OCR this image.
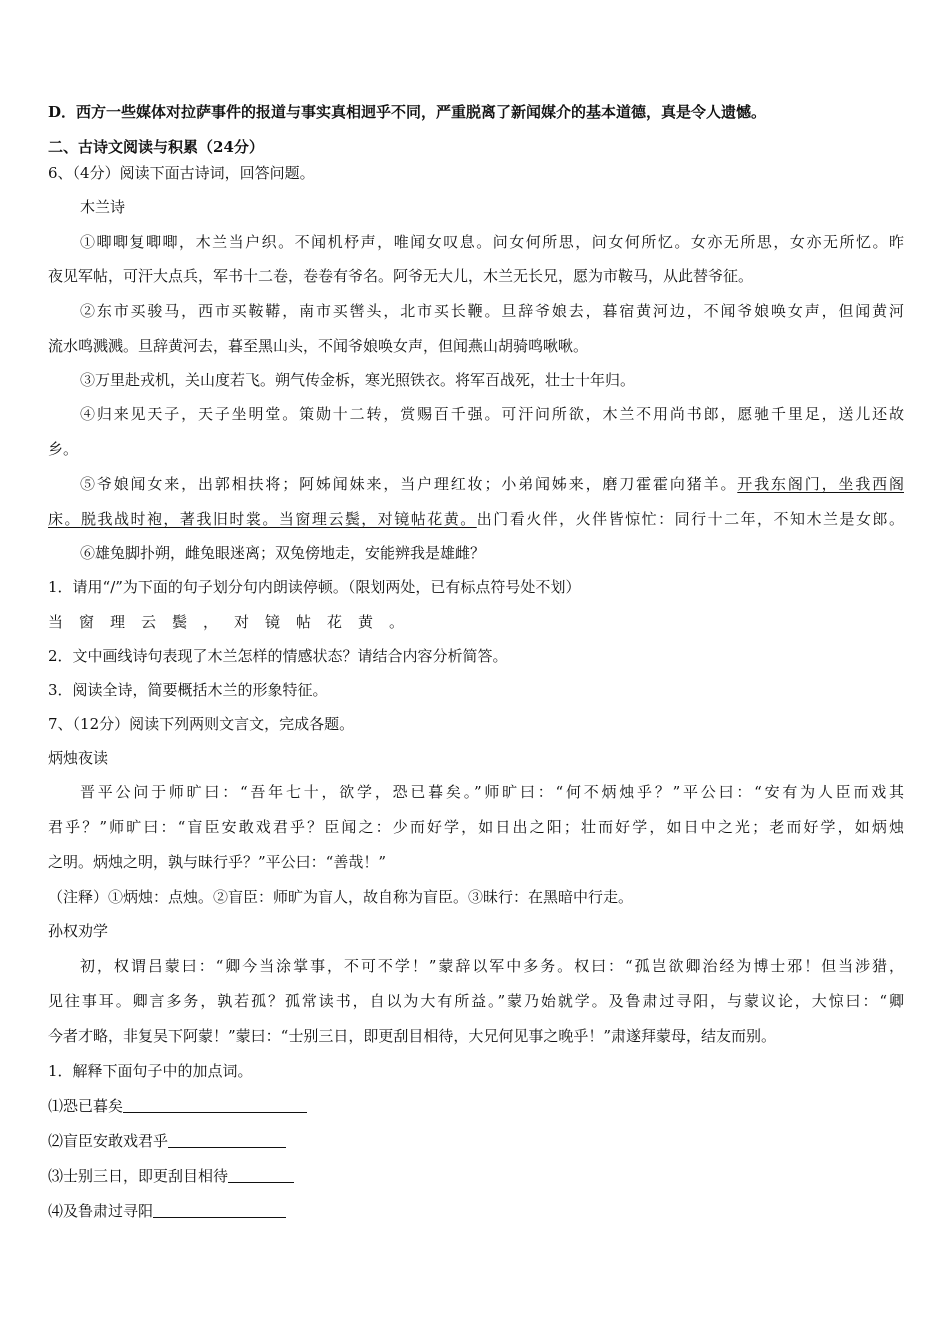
D．西方一些媒体对拉萨事件的报道与事实真相迥乎不同，严重脱离了新闻媒介的基本道德，真是令人遗憾。
二、古诗文阅读与积累（24分）
6、（4分）阅读下面古诗词，回答问题。
木兰诗
①唧唧复唧唧，木兰当户织。不闻机杼声，唯闻女叹息。问女何所思，问女何所忆。女亦无所思，女亦无所忆。昨
夜见军帖，可汗大点兵，军书十二卷，卷卷有爷名。阿爷无大儿，木兰无长兄，愿为市鞍马，从此替爷征。
②东市买骏马，西市买鞍鞯，南市买辔头，北市买长鞭。旦辞爷娘去，暮宿黄河边，不闻爷娘唤女声，但闻黄河
流水鸣溅溅。旦辞黄河去，暮至黑山头，不闻爷娘唤女声，但闻燕山胡骑鸣啾啾。
③万里赴戎机，关山度若飞。朔气传金柝，寒光照铁衣。将军百战死，壮士十年归。
④归来见天子，天子坐明堂。策勋十二转，赏赐百千强。可汗问所欲，木兰不用尚书郎，愿驰千里足，送儿还故
乡。
⑤爷娘闻女来，出郭相扶将；阿姊闻妹来，当户理红妆；小弟闻姊来，磨刀霍霍向猪羊。开我东阁门，坐我西阁
床。脱我战时袍，著我旧时裳。当窗理云鬓，对镜帖花黄。出门看火伴，火伴皆惊忙：同行十二年，不知木兰是女郎。
⑥雄兔脚扑朔，雌兔眼迷离；双兔傍地走，安能辨我是雄雌？
1．请用“/”为下面的句子划分句内朗读停顿。（限划两处，已有标点符号处不划）
当窗理云鬓，对镜帖花黄。
2．文中画线诗句表现了木兰怎样的情感状态？请结合内容分析简答。
3．阅读全诗，简要概括木兰的形象特征。
7、（12分）阅读下列两则文言文，完成各题。
炳烛夜读
晋平公问于师旷曰：“吾年七十，欲学，恐已暮矣。”师旷曰：“何不炳烛乎？”平公曰：“安有为人臣而戏其
君乎？”师旷曰：“盲臣安敢戏君乎？臣闻之：少而好学，如日出之阳；壮而好学，如日中之光；老而好学，如炳烛
之明。炳烛之明，孰与昧行乎？”平公曰：“善哉！”
（注释）①炳烛：点烛。②盲臣：师旷为盲人，故自称为盲臣。③昧行：在黑暗中行走。
孙权劝学
初，权谓吕蒙曰：“卿今当涂掌事，不可不学！”蒙辞以军中多务。权曰：“孤岂欲卿治经为博士邪！但当涉猎，
见往事耳。卿言多务，孰若孤？孤常读书，自以为大有所益。”蒙乃始就学。及鲁肃过寻阳，与蒙议论，大惊曰：“卿
今者才略，非复吴下阿蒙！”蒙曰：“士别三日，即更刮目相待，大兄何见事之晚乎！”肃遂拜蒙母，结友而别。
1．解释下面句子中的加点词。
⑴恐已暮矣
⑵盲臣安敢戏君乎
⑶士别三日，即更刮目相待
⑷及鲁肃过寻阳
